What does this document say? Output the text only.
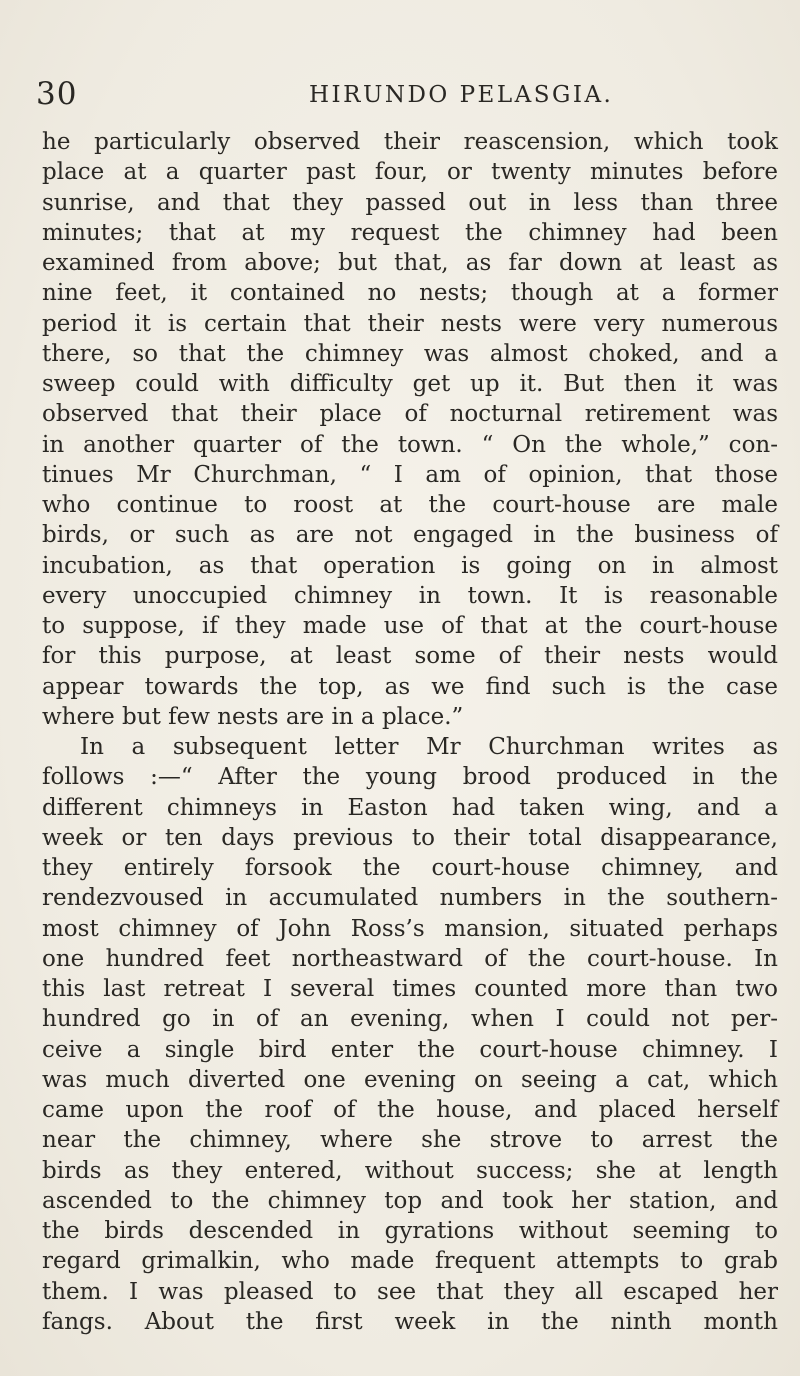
30	HIRUNDO PELASGIA.
he particularly observed their reascension, which took
place at a quarter past four, or twenty minutes before
sunrise, and that they passed out in less than three
minutes; that at my request the chimney had been
examined from above; but that, as far down at least as
nine feet, it contained no nests; though at a former
period it is certain that their nests were very numerous
there, so that the chimney was almost choked, and a
sweep could with difficulty get up it. But then it was
observed that their place of nocturnal retirement was
in another quarter of the town. “ On the whole,” con-
tinues Mr Churchman, “ I am of opinion, that those
who continue to roost at the court-house are male
birds, or such as are not engaged in the business of
incubation, as that operation is going on in almost
every unoccupied chimney in town. It is reasonable
to suppose, if they made use of that at the court-house
for this purpose, at least some of their nests would
appear towards the top, as we find such is the case
where but few nests are in a place.”
In a subsequent letter Mr Churchman writes as
follows :—“ After the young brood produced in the
different chimneys in Easton had taken wing, and a
week or ten days previous to their total disappearance,
they entirely forsook the court-house chimney, and
rendezvoused in accumulated numbers in the southern-
most chimney of John Ross’s mansion, situated perhaps
one hundred feet northeastward of the court-house. In
this last retreat I several times counted more than two
hundred go in of an evening, when I could not per-
ceive a single bird enter the court-house chimney. I
was much diverted one evening on seeing a cat, which
came upon the roof of the house, and placed herself
near the chimney, where she strove to arrest the
birds as they entered, without success; she at length
ascended to the chimney top and took her station, and
the birds descended in gyrations without seeming to
regard grimalkin, who made frequent attempts to grab
them. I was pleased to see that they all escaped her
fangs. About the first week in the ninth month
